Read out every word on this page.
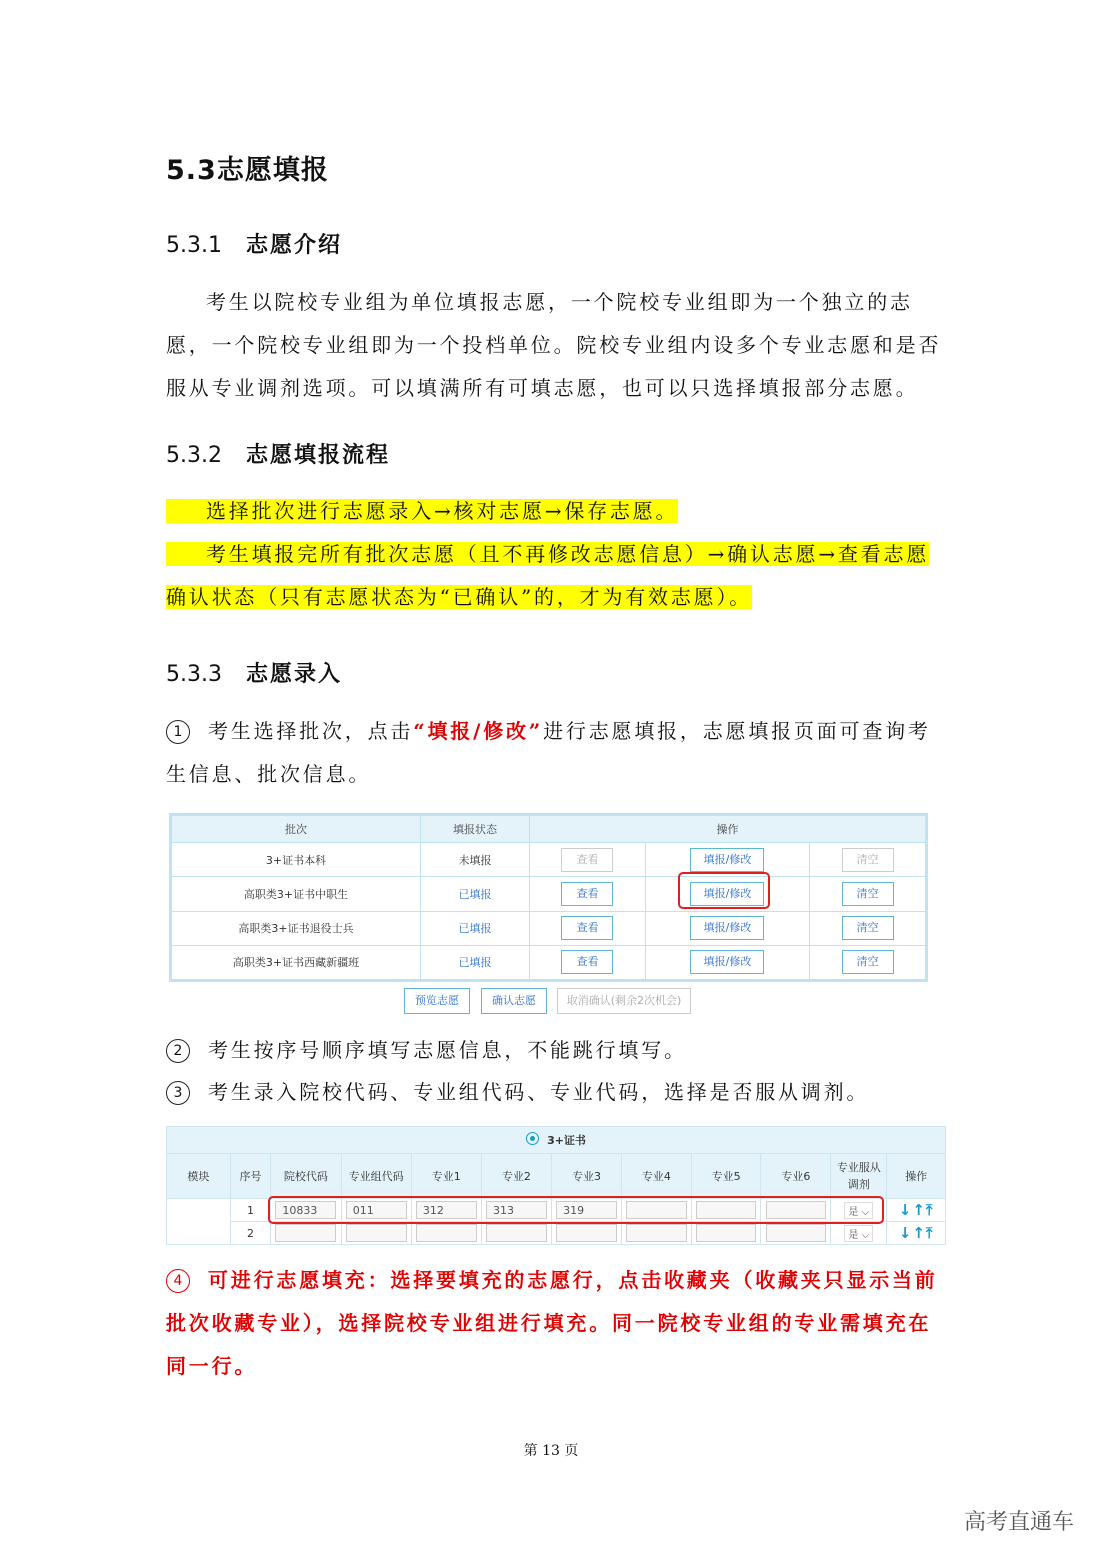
5.3志愿填报
5.3.1 志愿介绍
考生以院校专业组为单位填报志愿，一个院校专业组即为一个独立的志愿，一个院校专业组即为一个投档单位。院校专业组内设多个专业志愿和是否服从专业调剂选项。可以填满所有可填志愿，也可以只选择填报部分志愿。
5.3.2 志愿填报流程
选择批次进行志愿录入→核对志愿→保存志愿。
考生填报完所有批次志愿（且不再修改志愿信息）→确认志愿→查看志愿确认状态（只有志愿状态为“已确认”的，才为有效志愿）。
5.3.3 志愿录入
1 考生选择批次，点击“填报/修改”进行志愿填报，志愿填报页面可查询考生信息、批次信息。
批次	填报状态	操作		
3+证书本科	未填报	查看	填报/修改	清空
高职类3+证书中职生	已填报	查看	填报/修改	清空
高职类3+证书退役士兵	已填报	查看	填报/修改	清空
高职类3+证书西藏新疆班	已填报	查看	填报/修改	清空
预览志愿	确认志愿	取消确认(剩余2次机会)
2 考生按序号顺序填写志愿信息，不能跳行填写。
3 考生录入院校代码、专业组代码、专业代码，选择是否服从调剂。
3+证书											
模块	序号	院校代码	专业组代码	专业1	专业2	专业3	专业4	专业5	专业6	专业服从调剂	操作
	1	10833	011	312	313	319				是 ⌵	↓↑⤒
	2									是 ⌵	↓↑⤒
4 可进行志愿填充：选择要填充的志愿行，点击收藏夹（收藏夹只显示当前批次收藏专业），选择院校专业组进行填充。同一院校专业组的专业需填充在同一行。
第 13 页
高考直通车
